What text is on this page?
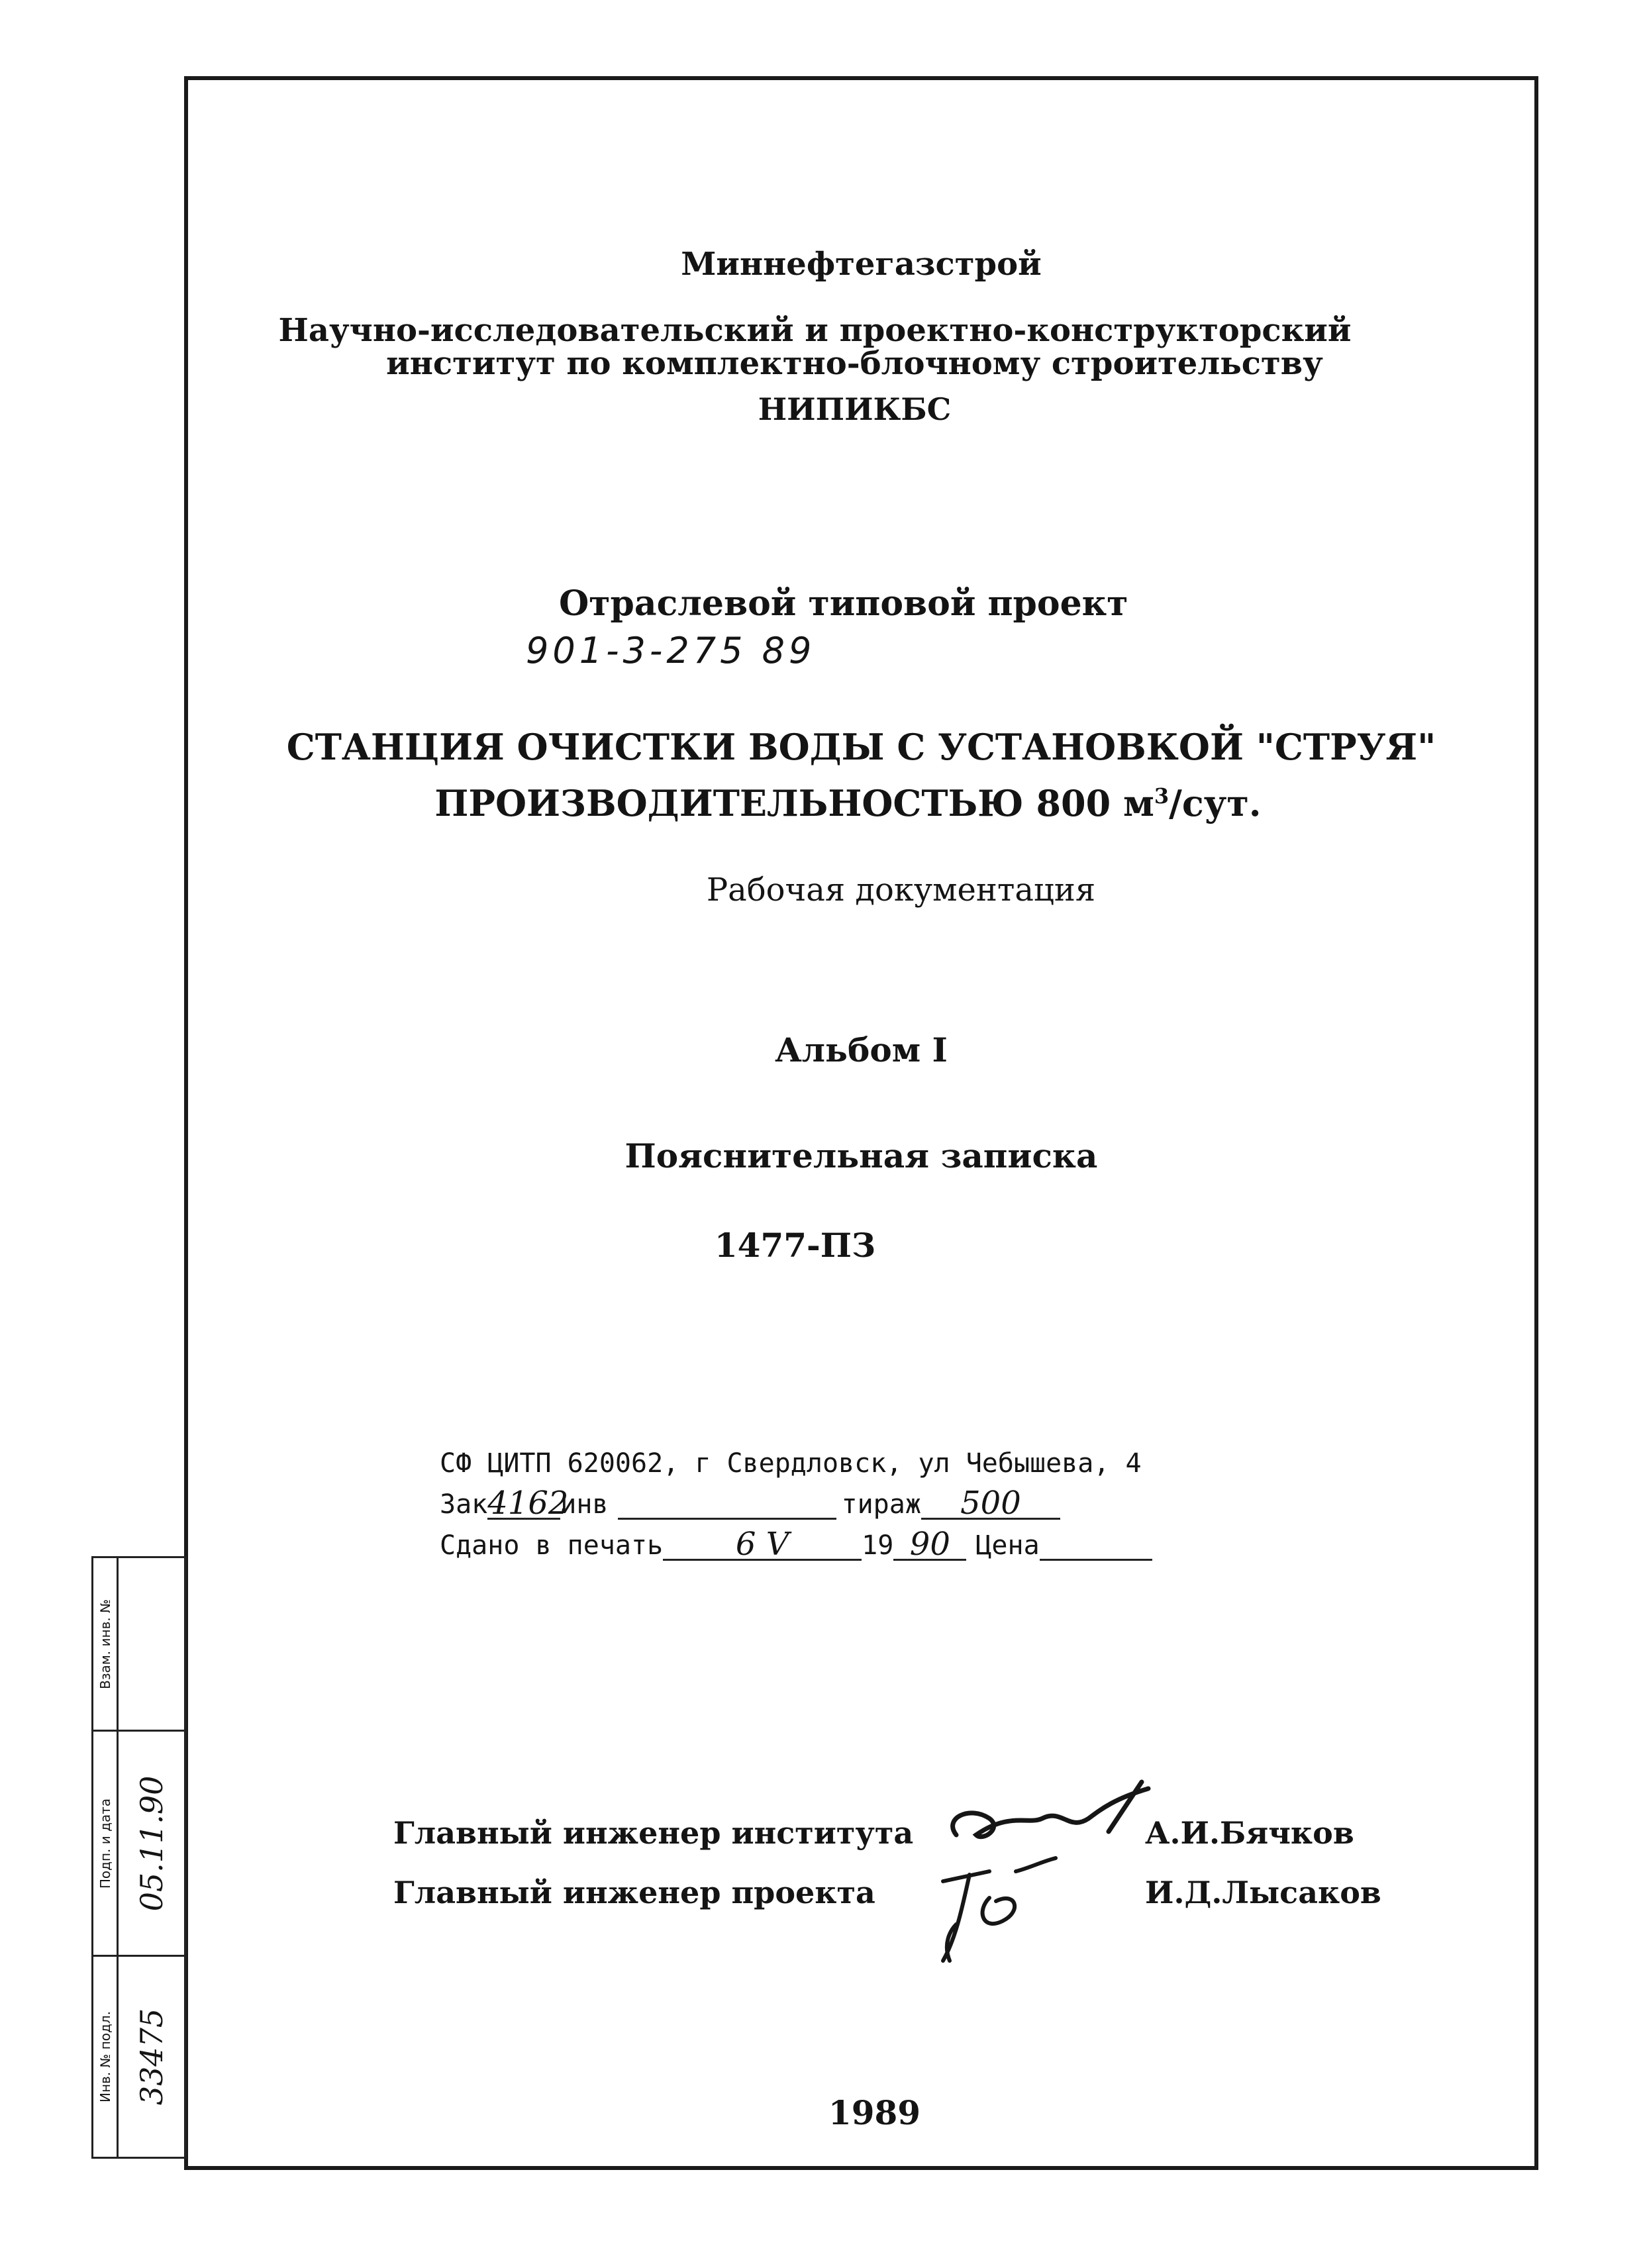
Миннефтегазстрой
Научно-исследовательский и проектно-конструкторский
институт по комплектно-блочному строительству
НИПИКБС
Отраслевой типовой проект
901-3-275 89
СТАНЦИЯ ОЧИСТКИ ВОДЫ С УСТАНОВКОЙ "СТРУЯ"
ПРОИЗВОДИТЕЛЬНОСТЬЮ 800 $м^3$/сут.
Рабочая документация
Альбом I
Пояснительная записка
1477-ПЗ
СФ ЦИТП 620062, г Свердловск, ул Чебышева, 4
Зак 4162
инв	тираж	500
Сдано в печать	6 V	19 90 Цена
Главный инженер института	А.И.Бячков
Главный инженер проекта	И.Д.Лысаков
1989
Взам. инв. №
Подп. и дата 05.11.90
Инв. № подл. 33475
